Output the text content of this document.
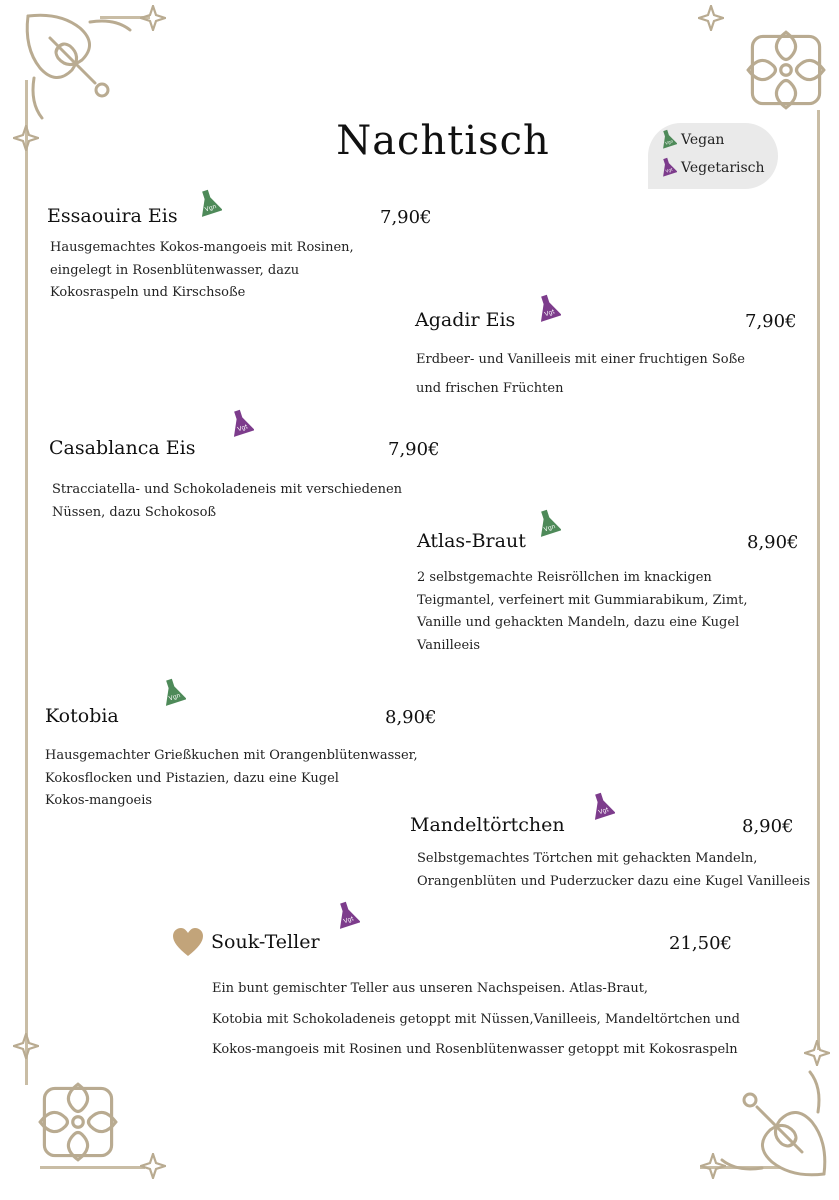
Nachtisch	Vgn Vegan
Vgt Vegetarisch
Essaouira Eis	Vgn	7,90€
Hausgemachtes Kokos-mangoeis mit Rosinen,
eingelegt in Rosenblütenwasser, dazu
Kokosraspeln und Kirschsoße
Agadir Eis	Vgt	7,90€
Erdbeer- und Vanilleeis mit einer fruchtigen Soße
und frischen Früchten
Casablanca Eis
Vgt
7,90€
Stracciatella- und Schokoladeneis mit verschiedenen
Nüssen, dazu Schokosoß
Atlas-Braut
Vgn
8,90€
2 selbstgemachte Reisröllchen im knackigen
Teigmantel, verfeinert mit Gummiarabikum, Zimt,
Vanille und gehackten Mandeln, dazu eine Kugel
Vanilleeis
Kotobia
Vgn
8,90€
Hausgemachter Grießkuchen mit Orangenblütenwasser,
Kokosflocken und Pistazien, dazu eine Kugel
Kokos-mangoeis
Mandeltörtchen
Vgt
8,90€
Selbstgemachtes Törtchen mit gehackten Mandeln,
Orangenblüten und Puderzucker dazu eine Kugel Vanilleeis
Souk-Teller
Vgt
21,50€
Ein bunt gemischter Teller aus unseren Nachspeisen. Atlas-Braut,
Kotobia mit Schokoladeneis getoppt mit Nüssen,Vanilleeis, Mandeltörtchen und
Kokos-mangoeis mit Rosinen und Rosenblütenwasser getoppt mit Kokosraspeln
